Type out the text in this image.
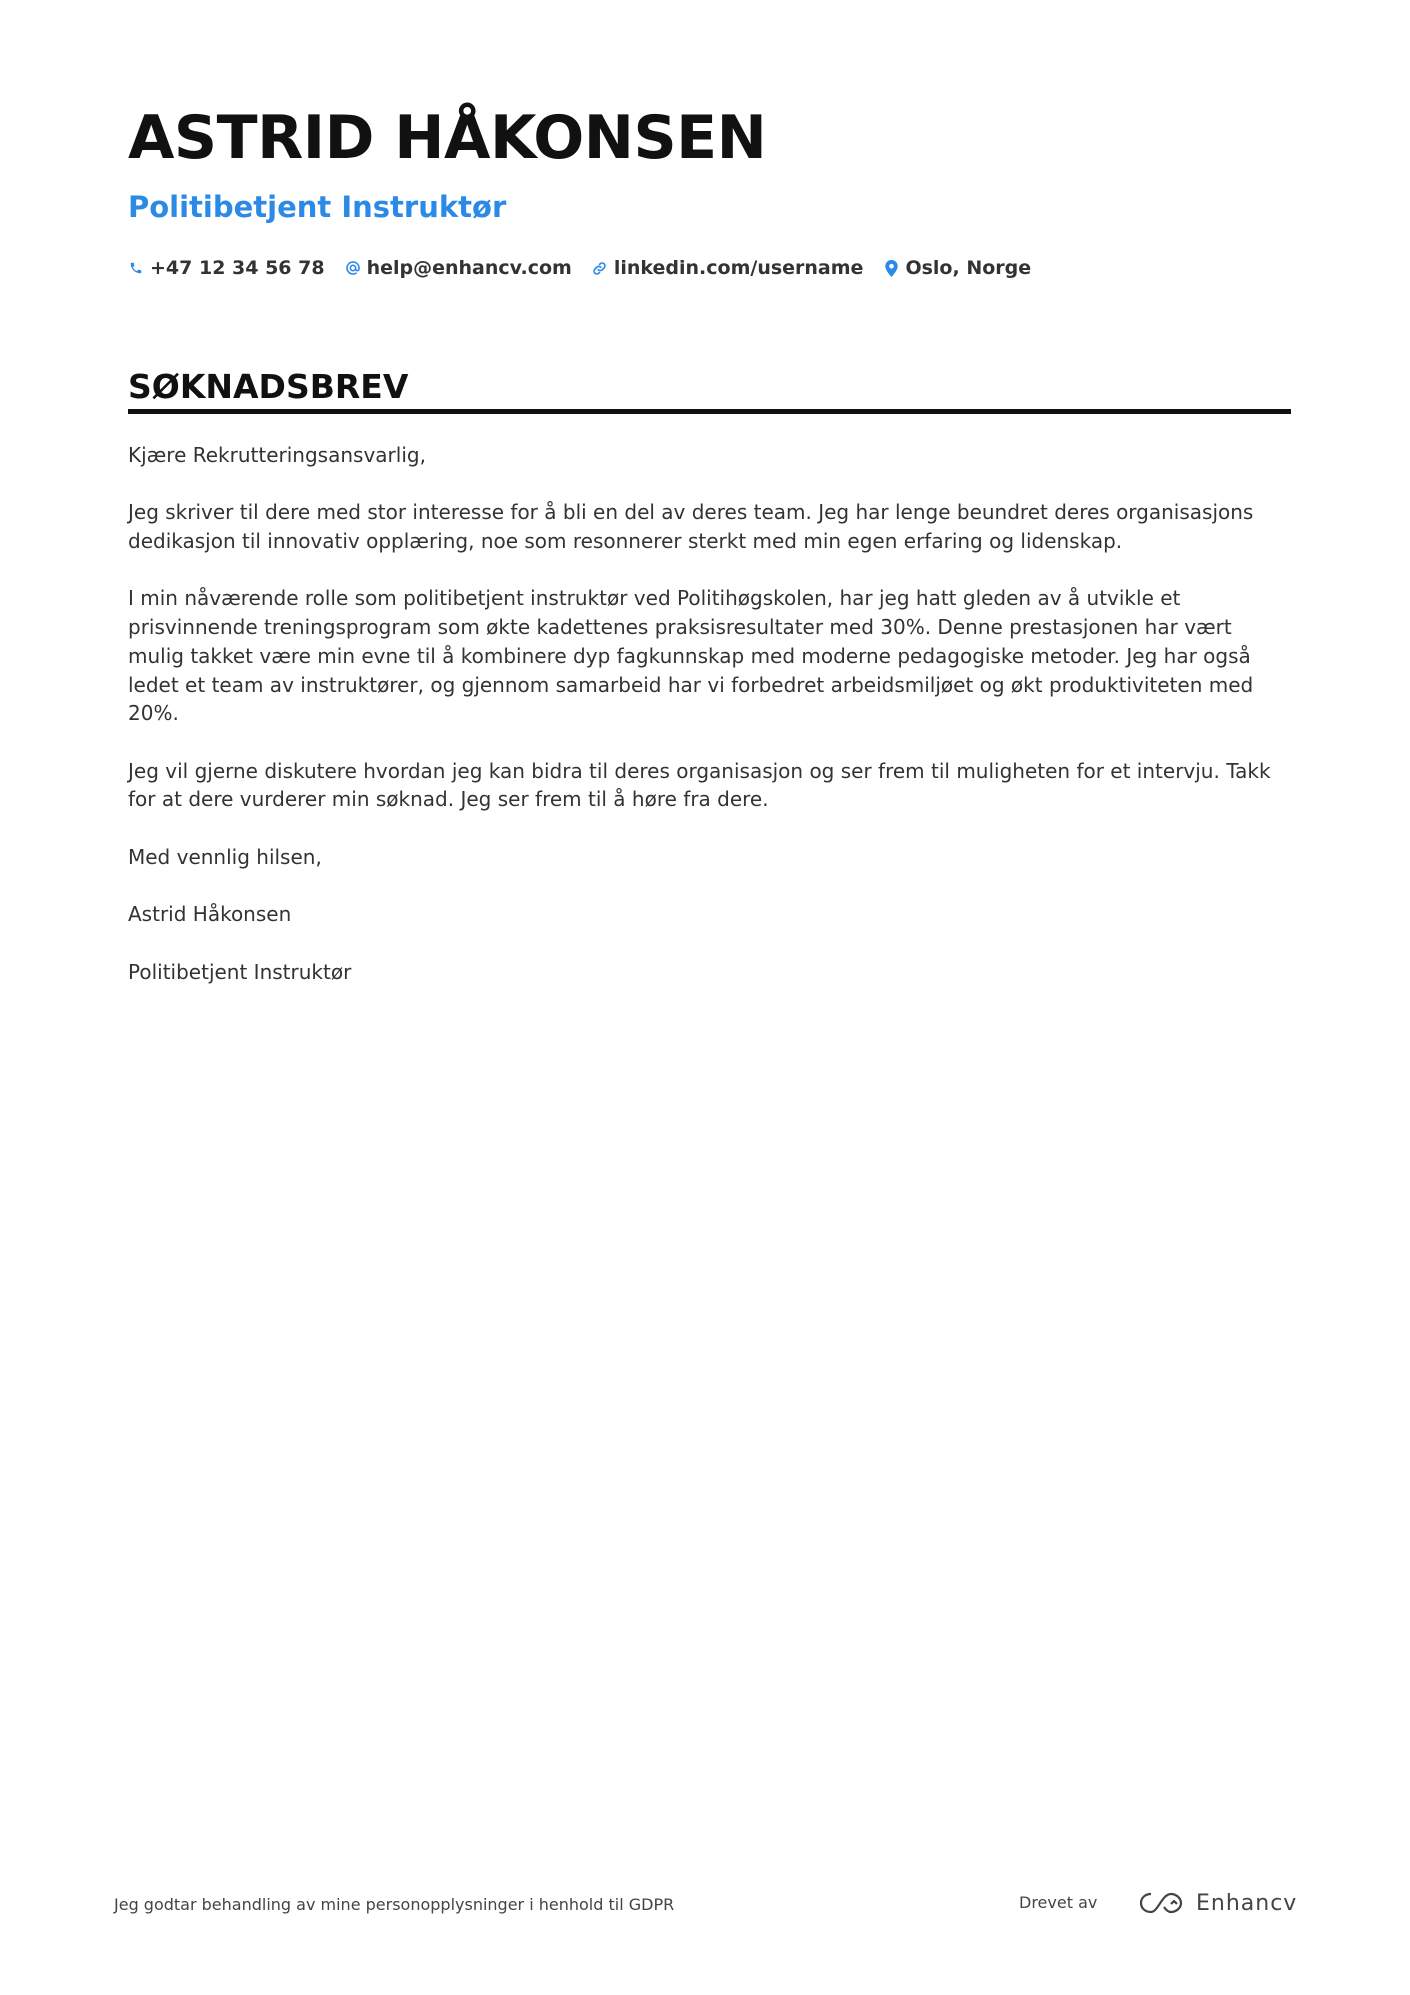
ASTRID HÅKONSEN
Politibetjent Instruktør
+47 12 34 56 78 help@enhancv.com linkedin.com/username Oslo, Norge
SØKNADSBREV

Kjære Rekrutteringsansvarlig,

Jeg skriver til dere med stor interesse for å bli en del av deres team. Jeg har lenge beundret deres organisasjons dedikasjon til innovativ opplæring, noe som resonnerer sterkt med min egen erfaring og lidenskap.

I min nåværende rolle som politibetjent instruktør ved Politihøgskolen, har jeg hatt gleden av å utvikle et prisvinnende treningsprogram som økte kadettenes praksisresultater med 30%. Denne prestasjonen har vært mulig takket være min evne til å kombinere dyp fagkunnskap med moderne pedagogiske metoder. Jeg har også ledet et team av instruktører, og gjennom samarbeid har vi forbedret arbeidsmiljøet og økt produktiviteten med 20%.

Jeg vil gjerne diskutere hvordan jeg kan bidra til deres organisasjon og ser frem til muligheten for et intervju. Takk for at dere vurderer min søknad. Jeg ser frem til å høre fra dere.

Med vennlig hilsen,

Astrid Håkonsen

Politibetjent Instruktør

Jeg godtar behandling av mine personopplysninger i henhold til GDPR	Drevet av	Enhancv
